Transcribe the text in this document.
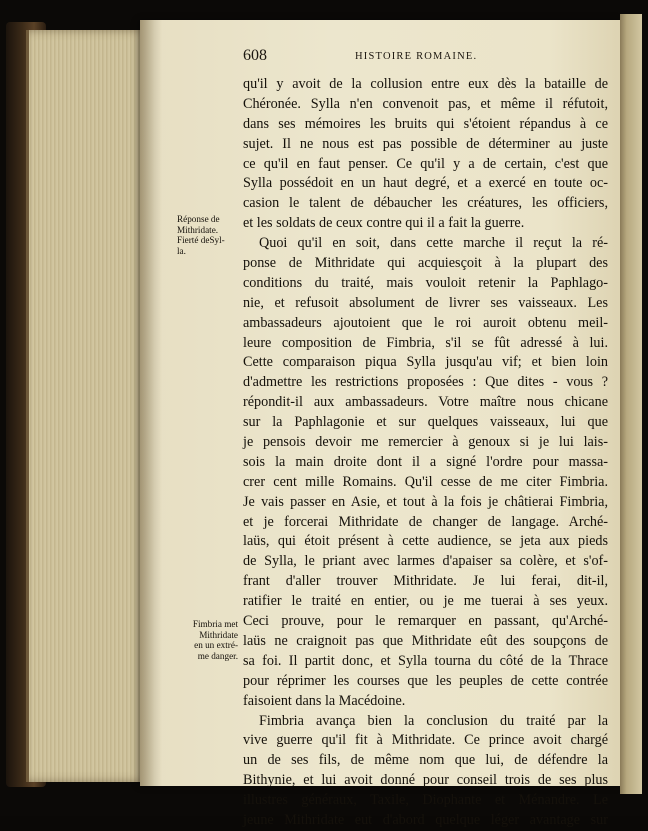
608	HISTOIRE ROMAINE.
Réponse de
Mithridate.
Fierté deSyl-
la.
Fimbria met
Mithridate
en un extré-
me danger.
qu'il y avoit de la collusion entre eux dès la bataille de
Chéronée. Sylla n'en convenoit pas, et même il réfutoit,
dans ses mémoires les bruits qui s'étoient répandus à ce
sujet. Il ne nous est pas possible de déterminer au juste
ce qu'il en faut penser. Ce qu'il y a de certain, c'est que
Sylla possédoit en un haut degré, et a exercé en toute oc-
casion le talent de débaucher les créatures, les officiers,
et les soldats de ceux contre qui il a fait la guerre.
Quoi qu'il en soit, dans cette marche il reçut la ré-
ponse de Mithridate qui acquiesçoit à la plupart des
conditions du traité, mais vouloit retenir la Paphlago-
nie, et refusoit absolument de livrer ses vaisseaux. Les
ambassadeurs ajoutoient que le roi auroit obtenu meil-
leure composition de Fimbria, s'il se fût adressé à lui.
Cette comparaison piqua Sylla jusqu'au vif; et bien loin
d'admettre les restrictions proposées : Que dites - vous ?
répondit-il aux ambassadeurs. Votre maître nous chicane
sur la Paphlagonie et sur quelques vaisseaux, lui que
je pensois devoir me remercier à genoux si je lui lais-
sois la main droite dont il a signé l'ordre pour massa-
crer cent mille Romains. Qu'il cesse de me citer Fimbria.
Je vais passer en Asie, et tout à la fois je châtierai Fimbria,
et je forcerai Mithridate de changer de langage. Arché-
laüs, qui étoit présent à cette audience, se jeta aux pieds
de Sylla, le priant avec larmes d'apaiser sa colère, et s'of-
frant d'aller trouver Mithridate. Je lui ferai, dit-il,
ratifier le traité en entier, ou je me tuerai à ses yeux.
Ceci prouve, pour le remarquer en passant, qu'Arché-
laüs ne craignoit pas que Mithridate eût des soupçons de
sa foi. Il partit donc, et Sylla tourna du côté de la Thrace
pour réprimer les courses que les peuples de cette contrée
faisoient dans la Macédoine.
Fimbria avança bien la conclusion du traité par la
vive guerre qu'il fit à Mithridate. Ce prince avoit chargé
un de ses fils, de même nom que lui, de défendre la
Bithynie, et lui avoit donné pour conseil trois de ses plus
illustres généraux, Taxile, Diophante et Ménandre. Le
jeune Mithridate eut d'abord quelque léger avantage sur
